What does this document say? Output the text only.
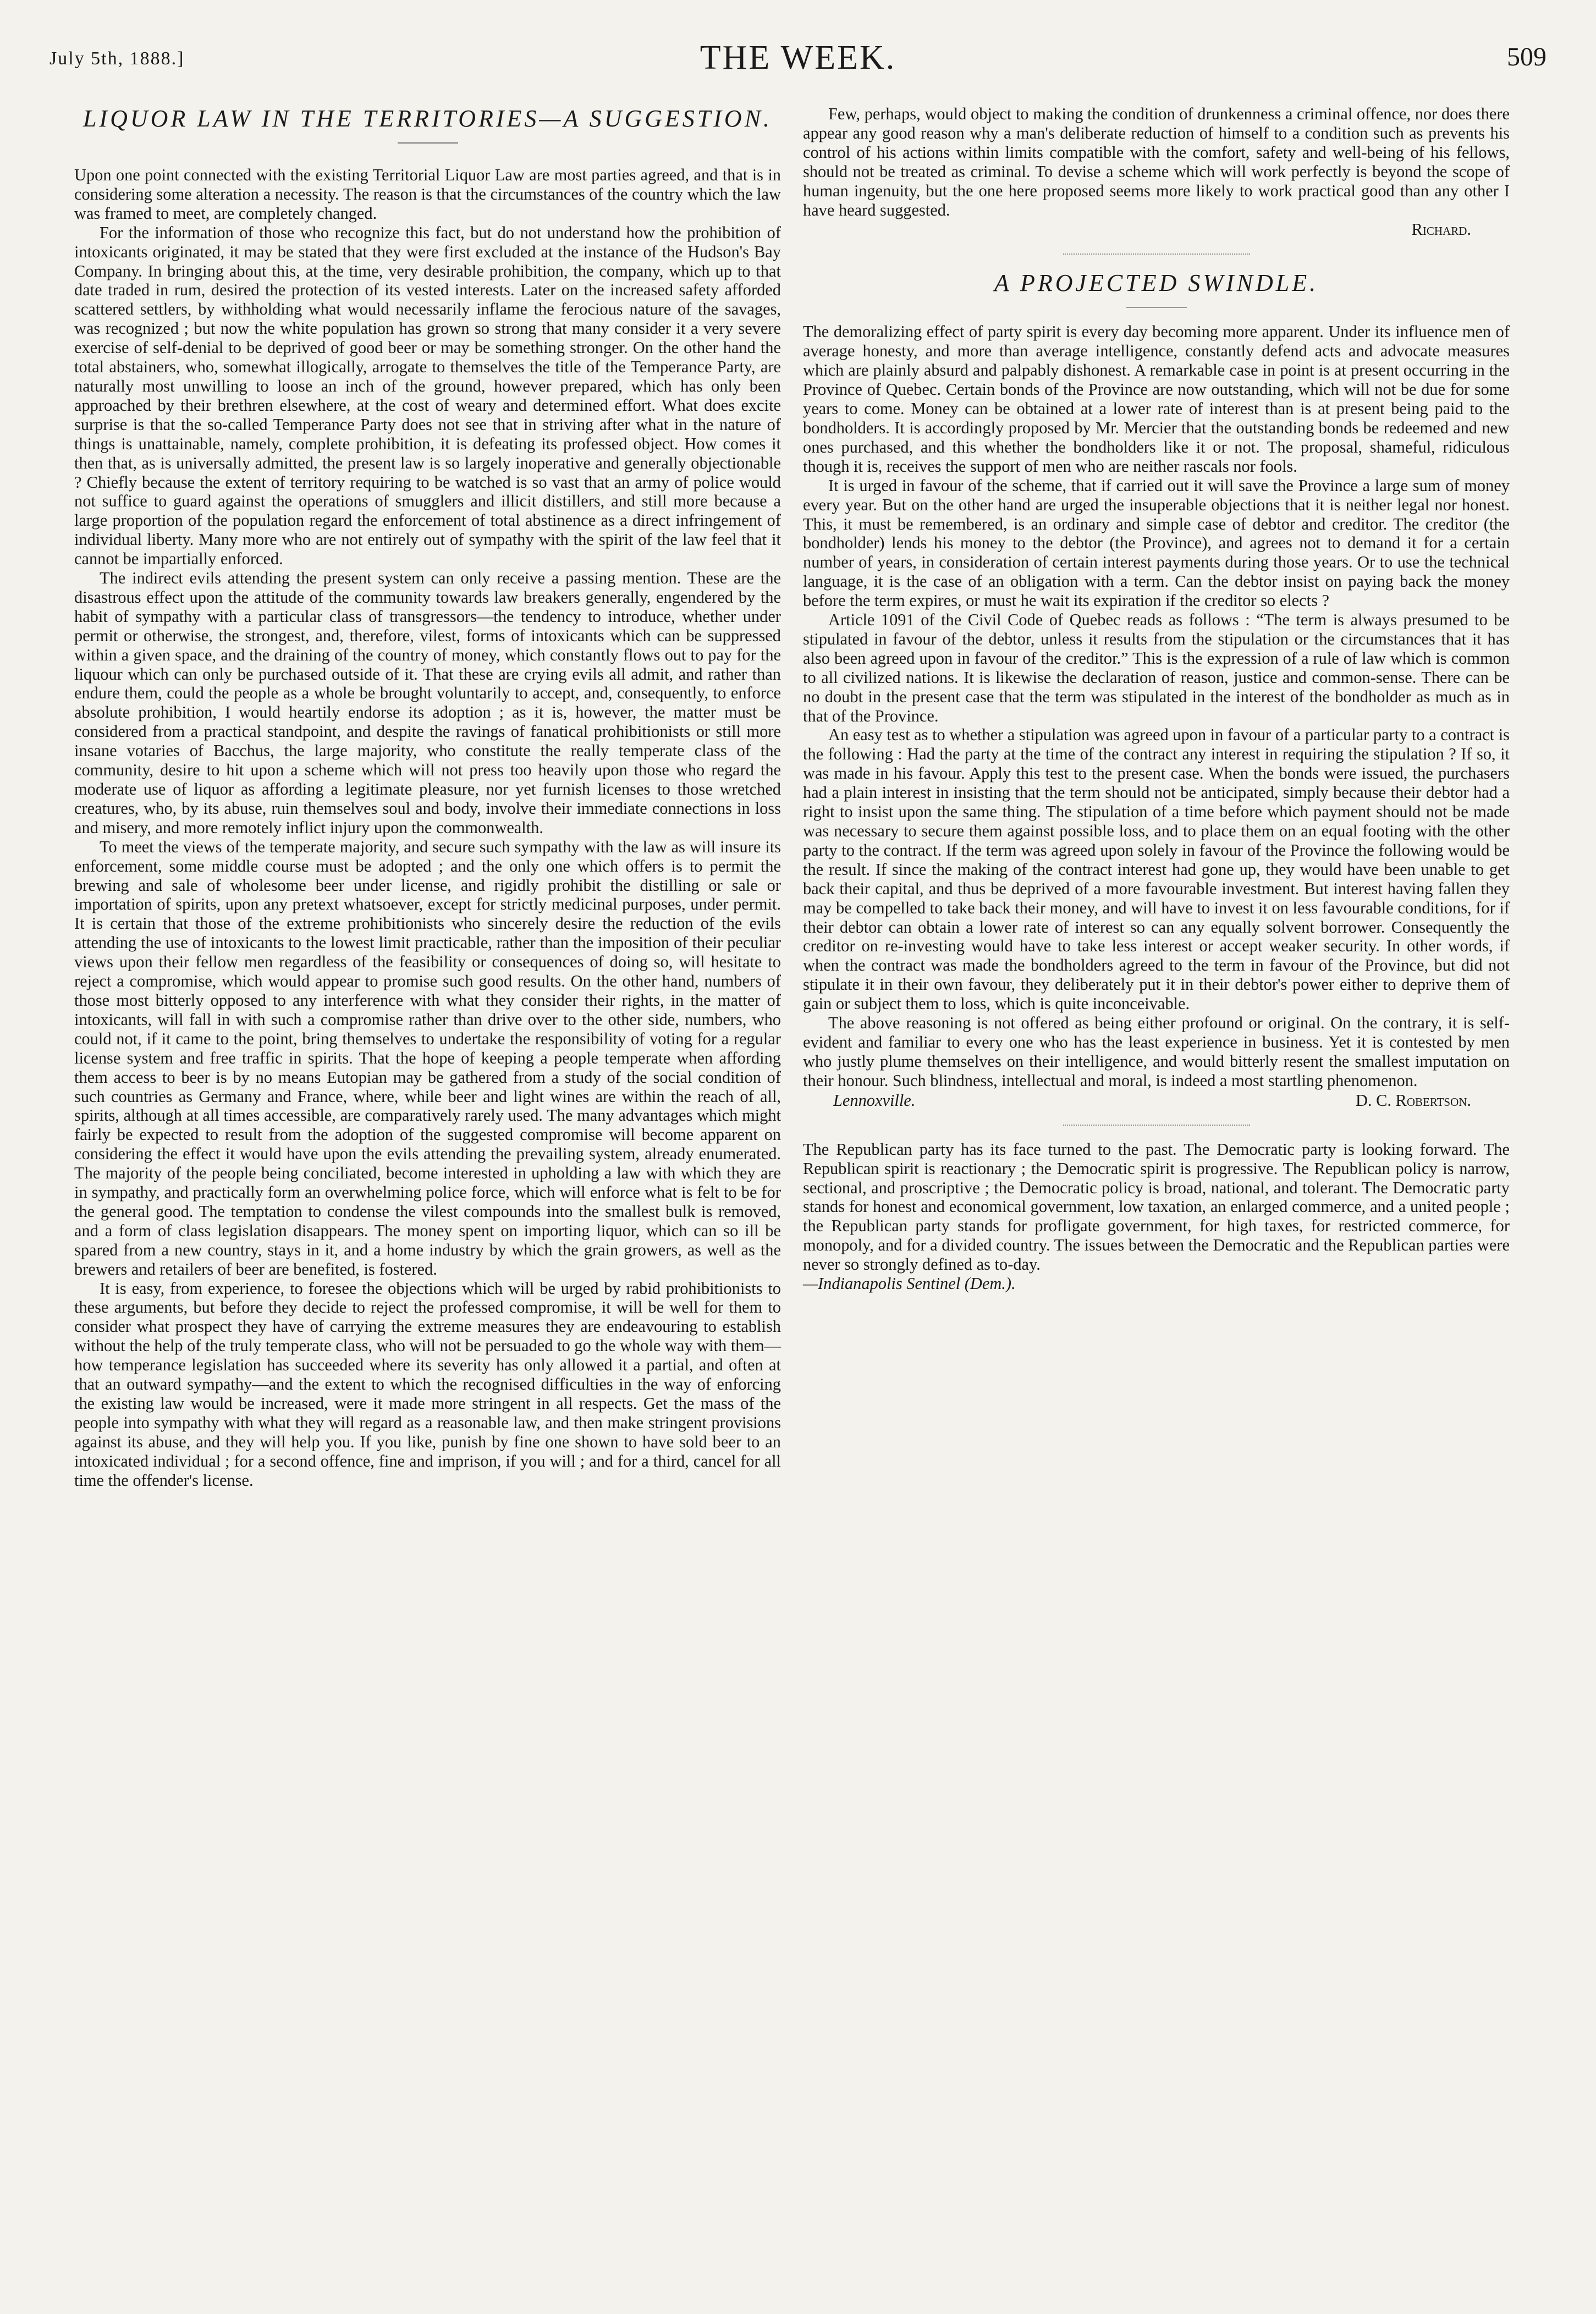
July 5th, 1888.]	THE WEEK.	509
LIQUOR LAW IN THE TERRITORIES—A SUGGESTION.

Upon one point connected with the existing Territorial Liquor Law are most parties agreed, and that is in considering some alteration a necessity. The reason is that the circumstances of the country which the law was framed to meet, are completely changed.

For the information of those who recognize this fact, but do not understand how the prohibition of intoxicants originated, it may be stated that they were first excluded at the instance of the Hudson's Bay Company. In bringing about this, at the time, very desirable prohibition, the company, which up to that date traded in rum, desired the protection of its vested interests. Later on the increased safety afforded scattered settlers, by withholding what would necessarily inflame the ferocious nature of the savages, was recognized ; but now the white population has grown so strong that many consider it a very severe exercise of self-denial to be deprived of good beer or may be something stronger. On the other hand the total abstainers, who, somewhat illogically, arrogate to themselves the title of the Temperance Party, are naturally most unwilling to loose an inch of the ground, however prepared, which has only been approached by their brethren elsewhere, at the cost of weary and determined effort. What does excite surprise is that the so-called Temperance Party does not see that in striving after what in the nature of things is unattainable, namely, complete prohibition, it is defeating its professed object. How comes it then that, as is universally admitted, the present law is so largely inoperative and generally objectionable ? Chiefly because the extent of territory requiring to be watched is so vast that an army of police would not suffice to guard against the operations of smugglers and illicit distillers, and still more because a large proportion of the population regard the enforcement of total abstinence as a direct infringement of individual liberty. Many more who are not entirely out of sympathy with the spirit of the law feel that it cannot be impartially enforced.

The indirect evils attending the present system can only receive a passing mention. These are the disastrous effect upon the attitude of the community towards law breakers generally, engendered by the habit of sympathy with a particular class of transgressors—the tendency to introduce, whether under permit or otherwise, the strongest, and, therefore, vilest, forms of intoxicants which can be suppressed within a given space, and the draining of the country of money, which constantly flows out to pay for the liquour which can only be purchased outside of it. That these are crying evils all admit, and rather than endure them, could the people as a whole be brought voluntarily to accept, and, consequently, to enforce absolute prohibition, I would heartily endorse its adoption ; as it is, however, the matter must be considered from a practical standpoint, and despite the ravings of fanatical prohibitionists or still more insane votaries of Bacchus, the large majority, who constitute the really temperate class of the community, desire to hit upon a scheme which will not press too heavily upon those who regard the moderate use of liquor as affording a legitimate pleasure, nor yet furnish licenses to those wretched creatures, who, by its abuse, ruin themselves soul and body, involve their immediate connections in loss and misery, and more remotely inflict injury upon the commonwealth.

To meet the views of the temperate majority, and secure such sympathy with the law as will insure its enforcement, some middle course must be adopted ; and the only one which offers is to permit the brewing and sale of wholesome beer under license, and rigidly prohibit the distilling or sale or importation of spirits, upon any pretext whatsoever, except for strictly medicinal purposes, under permit. It is certain that those of the extreme prohibitionists who sincerely desire the reduction of the evils attending the use of intoxicants to the lowest limit practicable, rather than the imposition of their peculiar views upon their fellow men regardless of the feasibility or consequences of doing so, will hesitate to reject a compromise, which would appear to promise such good results. On the other hand, numbers of those most bitterly opposed to any interference with what they consider their rights, in the matter of intoxicants, will fall in with such a compromise rather than drive over to the other side, numbers, who could not, if it came to the point, bring themselves to undertake the responsibility of voting for a regular license system and free traffic in spirits. That the hope of keeping a people temperate when affording them access to beer is by no means Eutopian may be gathered from a study of the social condition of such countries as Germany and France, where, while beer and light wines are within the reach of all, spirits, although at all times accessible, are comparatively rarely used. The many advantages which might fairly be expected to result from the adoption of the suggested compromise will become apparent on considering the effect it would have upon the evils attending the prevailing system, already enumerated. The majority of the people being conciliated, become interested in upholding a law with which they are in sympathy, and practically form an overwhelming police force, which will enforce what is felt to be for the general good. The temptation to condense the vilest compounds into the smallest bulk is removed, and a form of class legislation disappears. The money spent on importing liquor, which can so ill be spared from a new country, stays in it, and a home industry by which the grain growers, as well as the brewers and retailers of beer are benefited, is fostered.

It is easy, from experience, to foresee the objections which will be urged by rabid prohibitionists to these arguments, but before they decide to reject the professed compromise, it will be well for them to consider what prospect they have of carrying the extreme measures they are endeavouring to establish without the help of the truly temperate class, who will not be persuaded to go the whole way with them—how temperance legislation has succeeded where its severity has only allowed it a partial, and often at that an outward sympathy—and the extent to which the recognised difficulties in the way of enforcing the existing law would be increased, were it made more stringent in all respects. Get the mass of the people into sympathy with what they will regard as a reasonable law, and then make stringent provisions against its abuse, and they will help you. If you like, punish by fine one shown to have sold beer to an intoxicated individual ; for a second offence, fine and imprison, if you will ; and for a third, cancel for all time the offender's license.

Few, perhaps, would object to making the condition of drunkenness a criminal offence, nor does there appear any good reason why a man's deliberate reduction of himself to a condition such as prevents his control of his actions within limits compatible with the comfort, safety and well-being of his fellows, should not be treated as criminal. To devise a scheme which will work perfectly is beyond the scope of human ingenuity, but the one here proposed seems more likely to work practical good than any other I have heard suggested.

Richard.
A PROJECTED SWINDLE.

The demoralizing effect of party spirit is every day becoming more apparent. Under its influence men of average honesty, and more than average intelligence, constantly defend acts and advocate measures which are plainly absurd and palpably dishonest. A remarkable case in point is at present occurring in the Province of Quebec. Certain bonds of the Province are now outstanding, which will not be due for some years to come. Money can be obtained at a lower rate of interest than is at present being paid to the bondholders. It is accordingly proposed by Mr. Mercier that the outstanding bonds be redeemed and new ones purchased, and this whether the bondholders like it or not. The proposal, shameful, ridiculous though it is, receives the support of men who are neither rascals nor fools.

It is urged in favour of the scheme, that if carried out it will save the Province a large sum of money every year. But on the other hand are urged the insuperable objections that it is neither legal nor honest. This, it must be remembered, is an ordinary and simple case of debtor and creditor. The creditor (the bondholder) lends his money to the debtor (the Province), and agrees not to demand it for a certain number of years, in consideration of certain interest payments during those years. Or to use the technical language, it is the case of an obligation with a term. Can the debtor insist on paying back the money before the term expires, or must he wait its expiration if the creditor so elects ?

Article 1091 of the Civil Code of Quebec reads as follows : “The term is always presumed to be stipulated in favour of the debtor, unless it results from the stipulation or the circumstances that it has also been agreed upon in favour of the creditor.” This is the expression of a rule of law which is common to all civilized nations. It is likewise the declaration of reason, justice and common-sense. There can be no doubt in the present case that the term was stipulated in the interest of the bondholder as much as in that of the Province.

An easy test as to whether a stipulation was agreed upon in favour of a particular party to a contract is the following : Had the party at the time of the contract any interest in requiring the stipulation ? If so, it was made in his favour. Apply this test to the present case. When the bonds were issued, the purchasers had a plain interest in insisting that the term should not be anticipated, simply because their debtor had a right to insist upon the same thing. The stipulation of a time before which payment should not be made was necessary to secure them against possible loss, and to place them on an equal footing with the other party to the contract. If the term was agreed upon solely in favour of the Province the following would be the result. If since the making of the contract interest had gone up, they would have been unable to get back their capital, and thus be deprived of a more favourable investment. But interest having fallen they may be compelled to take back their money, and will have to invest it on less favourable conditions, for if their debtor can obtain a lower rate of interest so can any equally solvent borrower. Consequently the creditor on re-investing would have to take less interest or accept weaker security. In other words, if when the contract was made the bondholders agreed to the term in favour of the Province, but did not stipulate it in their own favour, they deliberately put it in their debtor's power either to deprive them of gain or subject them to loss, which is quite inconceivable.

The above reasoning is not offered as being either profound or original. On the contrary, it is self-evident and familiar to every one who has the least experience in business. Yet it is contested by men who justly plume themselves on their intelligence, and would bitterly resent the smallest imputation on their honour. Such blindness, intellectual and moral, is indeed a most startling phenomenon.

Lennoxville.	D. C. Robertson.

The Republican party has its face turned to the past. The Democratic party is looking forward. The Republican spirit is reactionary ; the Democratic spirit is progressive. The Republican policy is narrow, sectional, and proscriptive ; the Democratic policy is broad, national, and tolerant. The Democratic party stands for honest and economical government, low taxation, an enlarged commerce, and a united people ; the Republican party stands for profligate government, for high taxes, for restricted commerce, for monopoly, and for a divided country. The issues between the Democratic and the Republican parties were never so strongly defined as to-day.

—Indianapolis Sentinel (Dem.).
